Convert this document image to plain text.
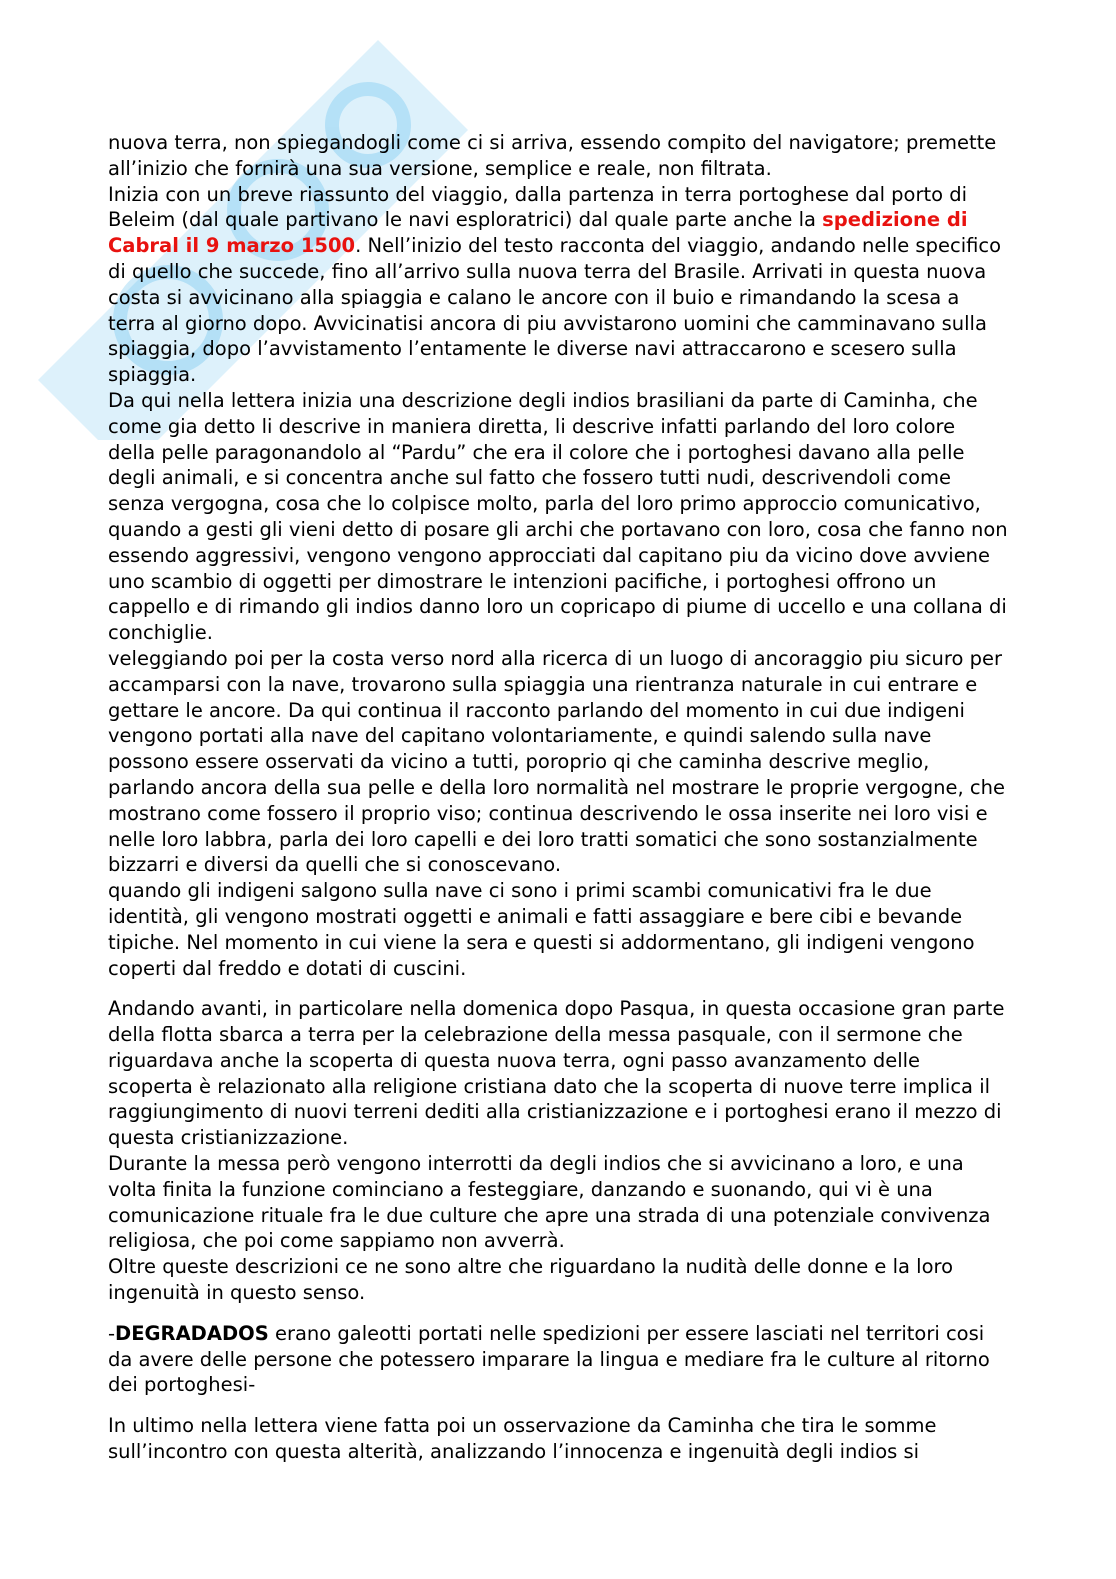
nuova terra, non spiegandogli come ci si arriva, essendo compito del navigatore; premette all’inizio che fornirà una sua versione, semplice e reale, non filtrata.
Inizia con un breve riassunto del viaggio, dalla partenza in terra portoghese dal porto di Beleim (dal quale partivano le navi esploratrici) dal quale parte anche la spedizione di Cabral il 9 marzo 1500. Nell’inizio del testo racconta del viaggio, andando nelle specifico di quello che succede, fino all’arrivo sulla nuova terra del Brasile. Arrivati in questa nuova costa si avvicinano alla spiaggia e calano le ancore con il buio e rimandando la scesa a terra al giorno dopo. Avvicinatisi ancora di piu avvistarono uomini che camminavano sulla spiaggia, dopo l’avvistamento l’entamente le diverse navi attraccarono e scesero sulla spiaggia.
Da qui nella lettera inizia una descrizione degli indios brasiliani da parte di Caminha, che come gia detto li descrive in maniera diretta, li descrive infatti parlando del loro colore della pelle paragonandolo al “Pardu” che era il colore che i portoghesi davano alla pelle degli animali, e si concentra anche sul fatto che fossero tutti nudi, descrivendoli come senza vergogna, cosa che lo colpisce molto, parla del loro primo approccio comunicativo, quando a gesti gli vieni detto di posare gli archi che portavano con loro, cosa che fanno non essendo aggressivi, vengono vengono approcciati dal capitano piu da vicino dove avviene uno scambio di oggetti per dimostrare le intenzioni pacifiche, i portoghesi offrono un cappello e di rimando gli indios danno loro un copricapo di piume di uccello e una collana di conchiglie.
veleggiando poi per la costa verso nord alla ricerca di un luogo di ancoraggio piu sicuro per accamparsi con la nave, trovarono sulla spiaggia una rientranza naturale in cui entrare e gettare le ancore. Da qui continua il racconto parlando del momento in cui due indigeni vengono portati alla nave del capitano volontariamente, e quindi salendo sulla nave possono essere osservati da vicino a tutti, poroprio qi che caminha descrive meglio, parlando ancora della sua pelle e della loro normalità nel mostrare le proprie vergogne, che mostrano come fossero il proprio viso; continua descrivendo le ossa inserite nei loro visi e nelle loro labbra, parla dei loro capelli e dei loro tratti somatici che sono sostanzialmente bizzarri e diversi da quelli che si conoscevano.
quando gli indigeni salgono sulla nave ci sono i primi scambi comunicativi fra le due identità, gli vengono mostrati oggetti e animali e fatti assaggiare e bere cibi e bevande tipiche. Nel momento in cui viene la sera e questi si addormentano, gli indigeni vengono coperti dal freddo e dotati di cuscini.

Andando avanti, in particolare nella domenica dopo Pasqua, in questa occasione gran parte della flotta sbarca a terra per la celebrazione della messa pasquale, con il sermone che riguardava anche la scoperta di questa nuova terra, ogni passo avanzamento delle scoperta è relazionato alla religione cristiana dato che la scoperta di nuove terre implica il raggiungimento di nuovi terreni dediti alla cristianizzazione e i portoghesi erano il mezzo di questa cristianizzazione.
Durante la messa però vengono interrotti da degli indios che si avvicinano a loro, e una volta finita la funzione cominciano a festeggiare, danzando e suonando, qui vi è una comunicazione rituale fra le due culture che apre una strada di una potenziale convivenza religiosa, che poi come sappiamo non avverrà.
Oltre queste descrizioni ce ne sono altre che riguardano la nudità delle donne e la loro ingenuità in questo senso.

-DEGRADADOS erano galeotti portati nelle spedizioni per essere lasciati nel territori cosi da avere delle persone che potessero imparare la lingua e mediare fra le culture al ritorno dei portoghesi-

In ultimo nella lettera viene fatta poi un osservazione da Caminha che tira le somme sull’incontro con questa alterità, analizzando l’innocenza e ingenuità degli indios si
